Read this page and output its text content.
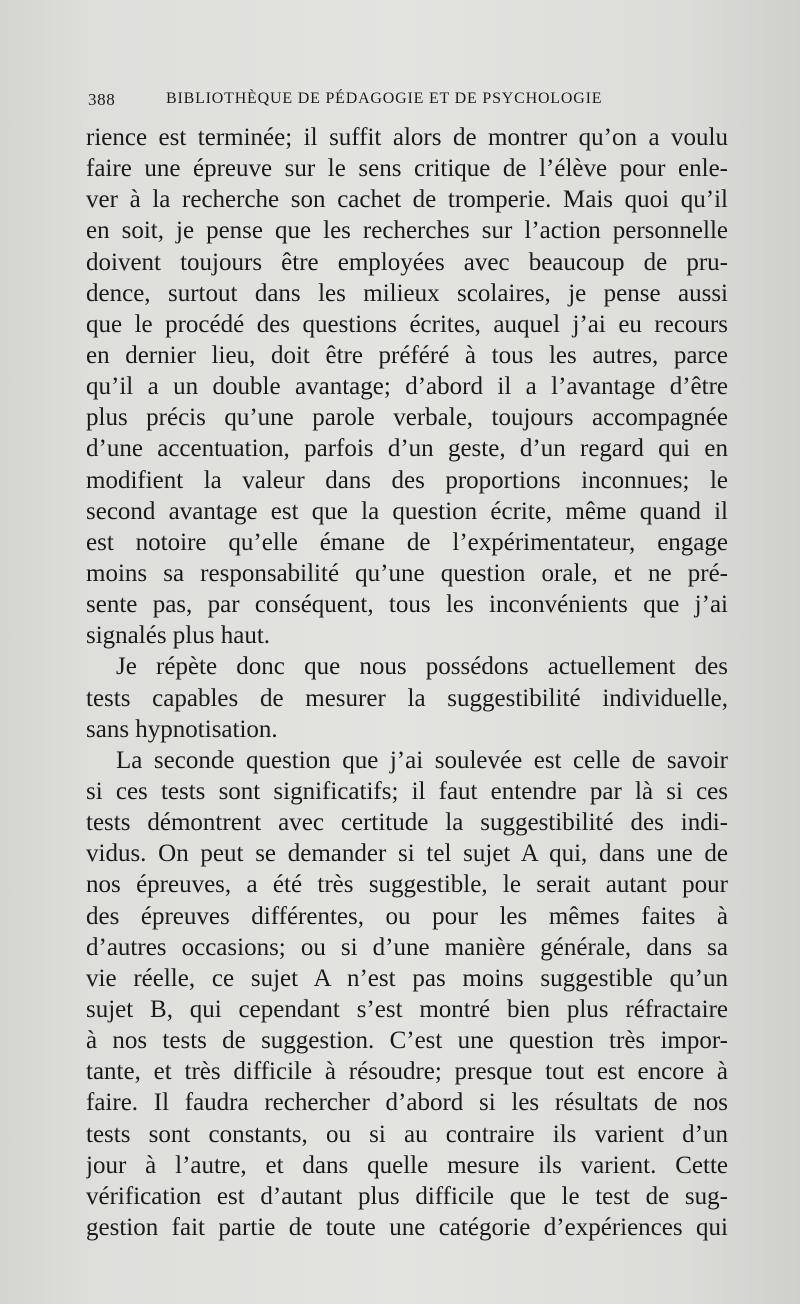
388	BIBLIOTHÈQUE DE PÉDAGOGIE ET DE PSYCHOLOGIE
rience est terminée; il suffit alors de montrer qu’on a voulu
faire une épreuve sur le sens critique de l’élève pour enle-
ver à la recherche son cachet de tromperie. Mais quoi qu’il
en soit, je pense que les recherches sur l’action personnelle
doivent toujours être employées avec beaucoup de pru-
dence, surtout dans les milieux scolaires, je pense aussi
que le procédé des questions écrites, auquel j’ai eu recours
en dernier lieu, doit être préféré à tous les autres, parce
qu’il a un double avantage; d’abord il a l’avantage d’être
plus précis qu’une parole verbale, toujours accompagnée
d’une accentuation, parfois d’un geste, d’un regard qui en
modifient la valeur dans des proportions inconnues; le
second avantage est que la question écrite, même quand il
est notoire qu’elle émane de l’expérimentateur, engage
moins sa responsabilité qu’une question orale, et ne pré-
sente pas, par conséquent, tous les inconvénients que j’ai
signalés plus haut.
Je répète donc que nous possédons actuellement des
tests capables de mesurer la suggestibilité individuelle,
sans hypnotisation.
La seconde question que j’ai soulevée est celle de savoir
si ces tests sont significatifs; il faut entendre par là si ces
tests démontrent avec certitude la suggestibilité des indi-
vidus. On peut se demander si tel sujet A qui, dans une de
nos épreuves, a été très suggestible, le serait autant pour
des épreuves différentes, ou pour les mêmes faites à
d’autres occasions; ou si d’une manière générale, dans sa
vie réelle, ce sujet A n’est pas moins suggestible qu’un
sujet B, qui cependant s’est montré bien plus réfractaire
à nos tests de suggestion. C’est une question très impor-
tante, et très difficile à résoudre; presque tout est encore à
faire. Il faudra rechercher d’abord si les résultats de nos
tests sont constants, ou si au contraire ils varient d’un
jour à l’autre, et dans quelle mesure ils varient. Cette
vérification est d’autant plus difficile que le test de sug-
gestion fait partie de toute une catégorie d’expériences qui
